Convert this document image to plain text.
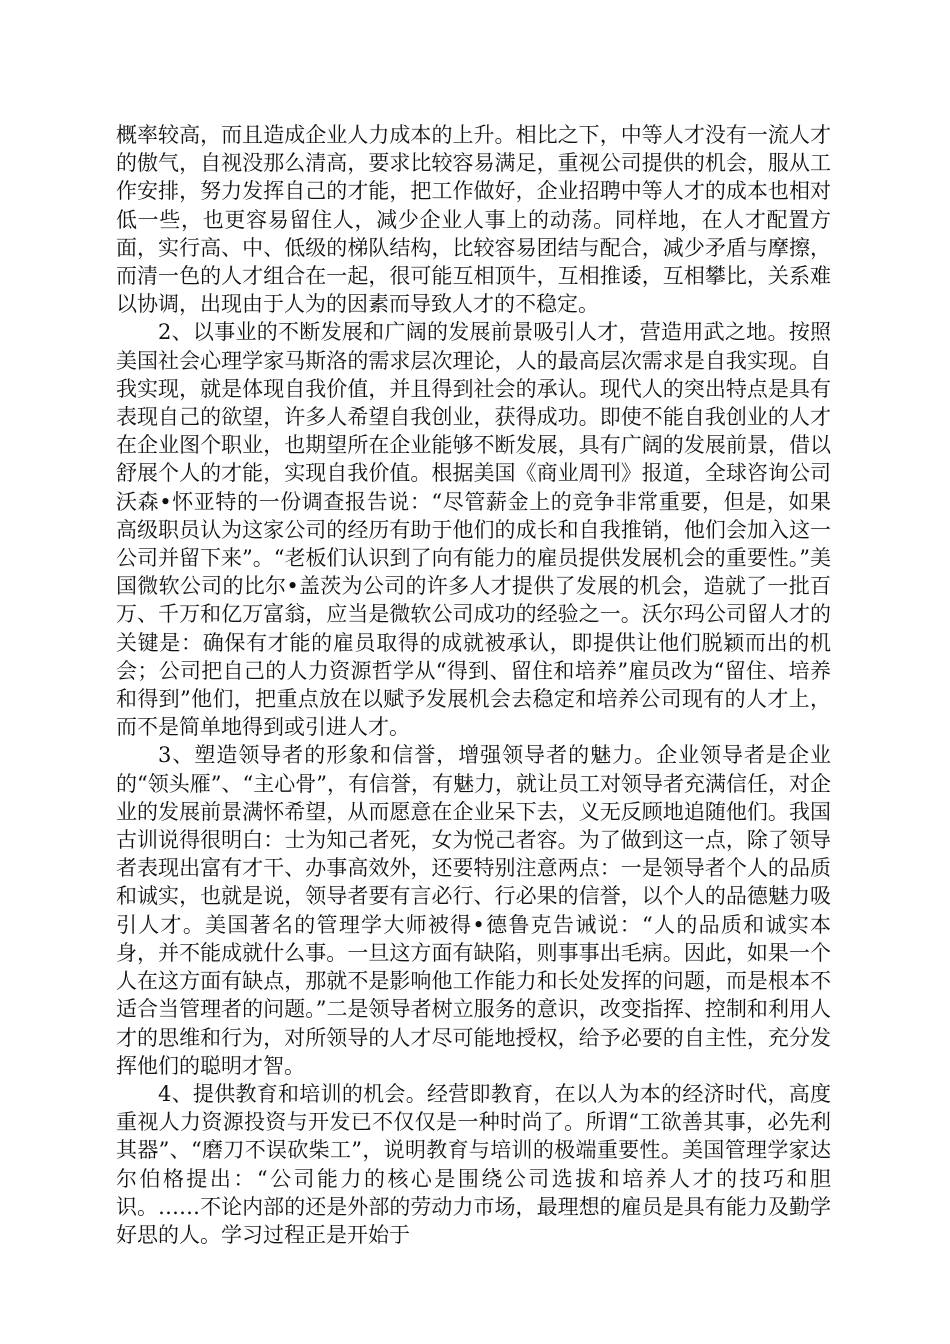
概率较高，而且造成企业人力成本的上升。相比之下，中等人才没有一流人才的傲气，自视没那么清高，要求比较容易满足，重视公司提供的机会，服从工作安排，努力发挥自己的才能，把工作做好，企业招聘中等人才的成本也相对低一些，也更容易留住人，减少企业人事上的动荡。同样地，在人才配置方面，实行高、中、低级的梯队结构，比较容易团结与配合，减少矛盾与摩擦，而清一色的人才组合在一起，很可能互相顶牛，互相推诿，互相攀比，关系难以协调，出现由于人为的因素而导致人才的不稳定。

2、以事业的不断发展和广阔的发展前景吸引人才，营造用武之地。按照美国社会心理学家马斯洛的需求层次理论，人的最高层次需求是自我实现。自我实现，就是体现自我价值，并且得到社会的承认。现代人的突出特点是具有表现自己的欲望，许多人希望自我创业，获得成功。即使不能自我创业的人才在企业图个职业，也期望所在企业能够不断发展，具有广阔的发展前景，借以舒展个人的才能，实现自我价值。根据美国《商业周刊》报道，全球咨询公司沃森•怀亚特的一份调查报告说：“尽管薪金上的竞争非常重要，但是，如果高级职员认为这家公司的经历有助于他们的成长和自我推销，他们会加入这一公司并留下来”。“老板们认识到了向有能力的雇员提供发展机会的重要性。”美国微软公司的比尔•盖茨为公司的许多人才提供了发展的机会，造就了一批百万、千万和亿万富翁，应当是微软公司成功的经验之一。沃尔玛公司留人才的关键是：确保有才能的雇员取得的成就被承认，即提供让他们脱颖而出的机会；公司把自己的人力资源哲学从“得到、留住和培养”雇员改为“留住、培养和得到”他们，把重点放在以赋予发展机会去稳定和培养公司现有的人才上，而不是简单地得到或引进人才。

3、塑造领导者的形象和信誉，增强领导者的魅力。企业领导者是企业的“领头雁”、“主心骨”，有信誉，有魅力，就让员工对领导者充满信任，对企业的发展前景满怀希望，从而愿意在企业呆下去，义无反顾地追随他们。我国古训说得很明白：士为知己者死，女为悦己者容。为了做到这一点，除了领导者表现出富有才干、办事高效外，还要特别注意两点：一是领导者个人的品质和诚实，也就是说，领导者要有言必行、行必果的信誉，以个人的品德魅力吸引人才。美国著名的管理学大师被得•德鲁克告诫说：“人的品质和诚实本身，并不能成就什么事。一旦这方面有缺陷，则事事出毛病。因此，如果一个人在这方面有缺点，那就不是影响他工作能力和长处发挥的问题，而是根本不适合当管理者的问题。”二是领导者树立服务的意识，改变指挥、控制和利用人才的思维和行为，对所领导的人才尽可能地授权，给予必要的自主性，充分发挥他们的聪明才智。

4、提供教育和培训的机会。经营即教育，在以人为本的经济时代，高度重视人力资源投资与开发已不仅仅是一种时尚了。所谓“工欲善其事，必先利其器”、“磨刀不误砍柴工”，说明教育与培训的极端重要性。美国管理学家达尔伯格提出：“公司能力的核心是围绕公司选拔和培养人才的技巧和胆识。……不论内部的还是外部的劳动力市场，最理想的雇员是具有能力及勤学好思的人。学习过程正是开始于
